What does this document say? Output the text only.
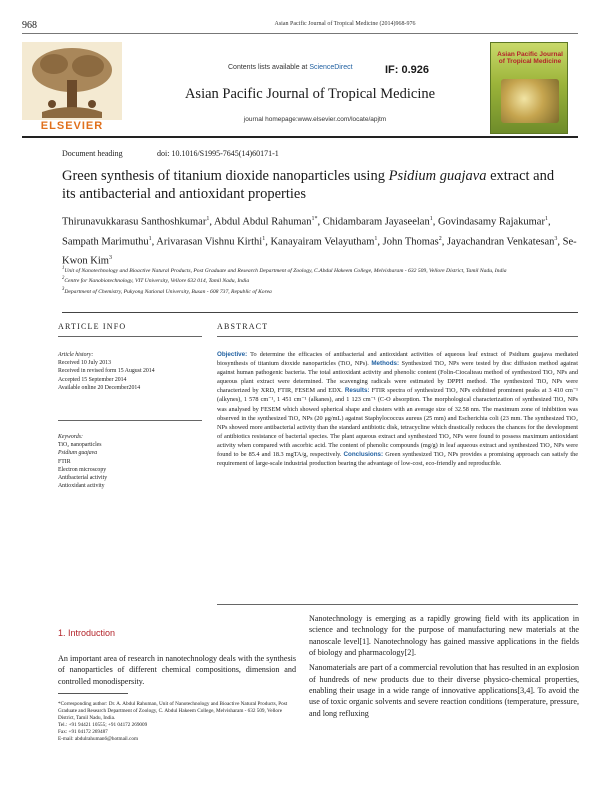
968	Asian Pacific Journal of Tropical Medicine (2014)968-976
ELSEVIER
Contents lists available at ScienceDirect	IF: 0.926
Asian Pacific Journal of Tropical Medicine
journal homepage:www.elsevier.com/locate/apjtm
Asian Pacific Journal of Tropical Medicine
Document heading	doi: 10.1016/S1995-7645(14)60171-1
Green synthesis of titanium dioxide nanoparticles using Psidium guajava extract and its antibacterial and antioxidant properties
Thirunavukkarasu Santhoshkumar$^1$, Abdul Abdul Rahuman$^{1*}$, Chidambaram Jayaseelan$^1$, Govindasamy Rajakumar$^1$, Sampath Marimuthu$^1$, Arivarasan Vishnu Kirthi$^1$, Kanayairam Velayutham$^1$, John Thomas$^2$, Jayachandran Venkatesan$^3$, Se-Kwon Kim$^3$
$^1$Unit of Nanotechnology and Bioactive Natural Products, Post Graduate and Research Department of Zoology, C.Abdul Hakeem College, Melvisharam - 632 509, Vellore District, Tamil Nadu, India
$^2$Centre for Nanobiotechnology, VIT University, Vellore 632 014, Tamil Nadu, India
$^3$Department of Chemistry, Pukyong National University, Busan - 608 737, Republic of Korea
ARTICLE INFO	ABSTRACT
Article history:
Received 10 July 2013
Received in revised form 15 August 2014
Accepted 15 September 2014
Available online 20 December2014
Keywords:
TiO₂ nanoparticles
Psidium guajava
FTIR
Electron microscopy
Antibacterial activity
Antioxidant activity
Objective: To determine the efficacies of antibacterial and antioxidant activities of aqueous leaf extract of Psidium guajava mediated biosynthesis of titanium dioxide nanoparticles (TiO₂ NPs). Methods: Synthesized TiO₂ NPs were tested by disc diffusion method against against human pathogenic bacteria. The total antioxidant activity and phenolic content (Folin-Ciocalteau method of synthesized TiO₂ NPs and aqueous plant extract were determined. The scavenging radicals were estimated by DPPH method. The synthesized TiO₂ NPs were characterized by XRD, FTIR, FESEM and EDX. Results: FTIR spectra of synthesized TiO₂ NPs exhibited prominent peaks at 3 410 cm⁻¹ (alkynes), 1 578 cm⁻¹, 1 451 cm⁻¹ (alkanes), and 1 123 cm⁻¹ (C-O absorption. The morphological characterization of synthesized TiO₂ NPs was analysed by FESEM which showed spherical shape and clusters with an average size of 32.58 nm. The maximum zone of inhibition was observed in the synthesized TiO₂ NPs (20 μg/mL) against Staphylococcus aureus (25 mm) and Escherichia coli (23 mm. The synthesized TiO₂ NPs showed more antibacterial activity than the standard antibiotic disk, tetracycline which drastically reduces the chances for the development of antibiotics resistance of bacterial species. The plant aqueous extract and synthesized TiO₂ NPs were found to possess maximum antioxidant activity when compared with ascorbic acid. The content of phenolic compounds (mg/g) in leaf aqueous extract and synthesized TiO₂ NPs were found to be 85.4 and 18.3 mgTA/g, respectively. Conclusions: Green synthesized TiO₂ NPs provides a promising approach can satisfy the requirement of large-scale industrial production bearing the advantage of low-cost, eco-friendly and reproducible.
1. Introduction
An important area of research in nanotechnology deals with the synthesis of nanoparticles of different chemical compositions, dimension and controlled monodispersity.
*Corresponding author: Dr. A. Abdul Rahuman, Unit of Nanotechnology and Bioactive Natural Products, Post Graduate and Research Department of Zoology, C. Abdul Hakeem College, Melvisharam - 632 509, Vellore District, Tamil Nadu, India.
Tel.: +91 94421 10555; +91 04172 269009
Fax: +91 04172 269487
E-mail: abdulrahuman6@hotmail.com

Nanotechnology is emerging as a rapidly growing field with its application in science and technology for the purpose of manufacturing new materials at the nanoscale level[1]. Nanotechnology has gained massive applications in the fields of biology and pharmacology[2].

Nanomaterials are part of a commercial revolution that has resulted in an explosion of hundreds of new products due to their diverse physico-chemical properties, enabling their usage in a wide range of innovative applications[3,4]. To avoid the use of toxic organic solvents and severe reaction conditions (temperature, pressure, and long refluxing
